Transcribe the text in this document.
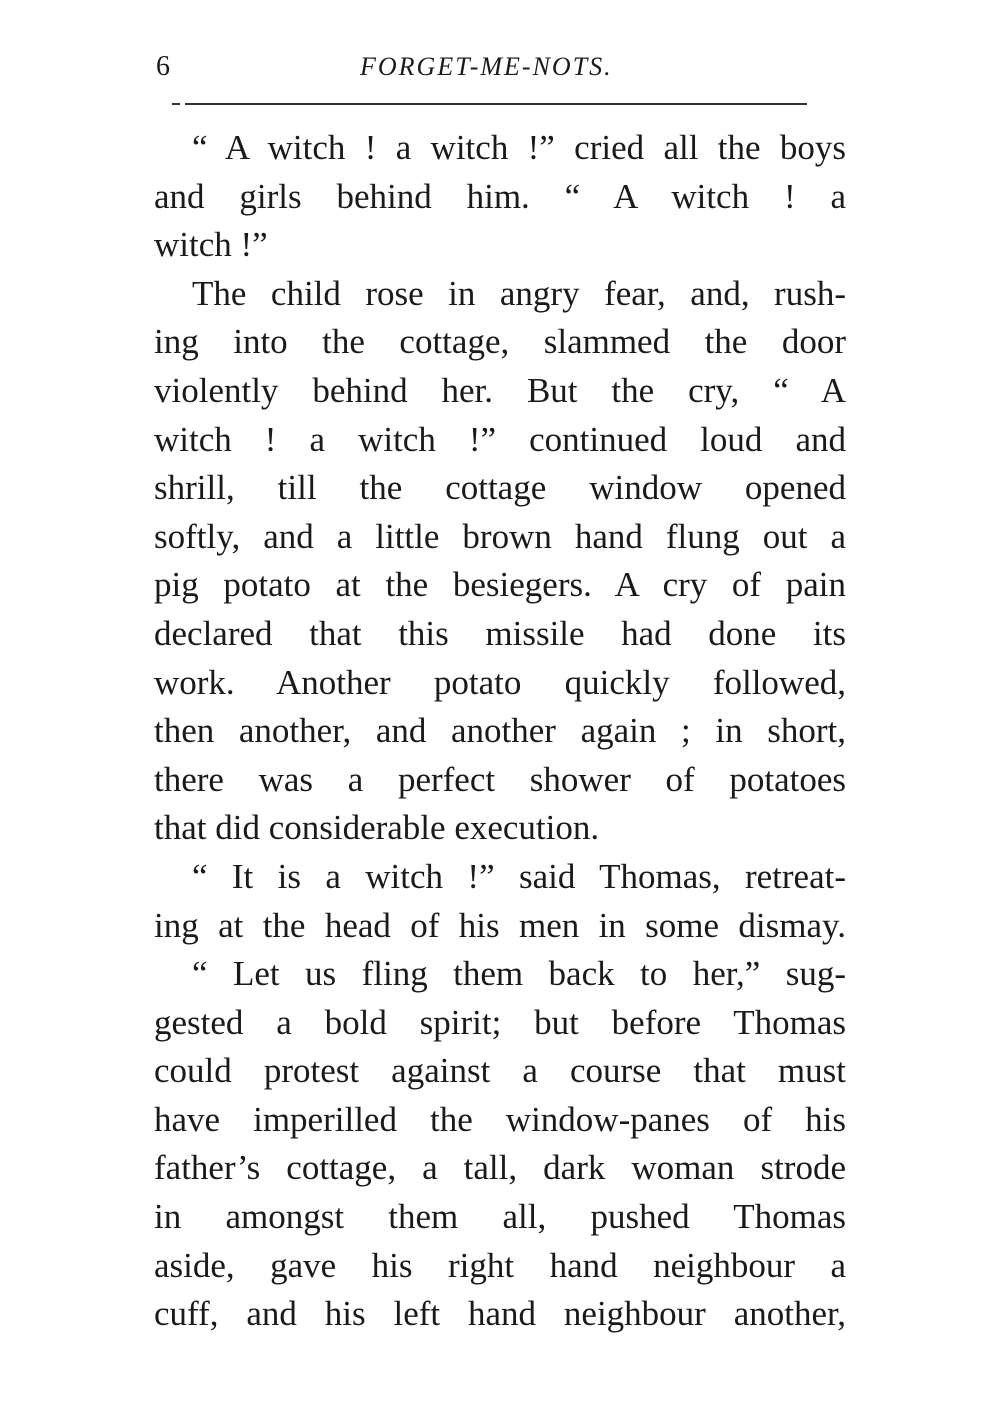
6	FORGET-ME-NOTS.
“ A witch ! a witch !” cried all the boys
and girls behind him. “ A witch ! a
witch !”
The child rose in angry fear, and, rush-
ing into the cottage, slammed the door
violently behind her. But the cry, “ A
witch ! a witch !” continued loud and
shrill, till the cottage window opened
softly, and a little brown hand flung out a
pig potato at the besiegers. A cry of pain
declared that this missile had done its
work. Another potato quickly followed,
then another, and another again ; in short,
there was a perfect shower of potatoes
that did considerable execution.
“ It is a witch !” said Thomas, retreat-
ing at the head of his men in some dismay.
“ Let us fling them back to her,” sug-
gested a bold spirit; but before Thomas
could protest against a course that must
have imperilled the window-panes of his
father’s cottage, a tall, dark woman strode
in amongst them all, pushed Thomas
aside, gave his right hand neighbour a
cuff, and his left hand neighbour another,
